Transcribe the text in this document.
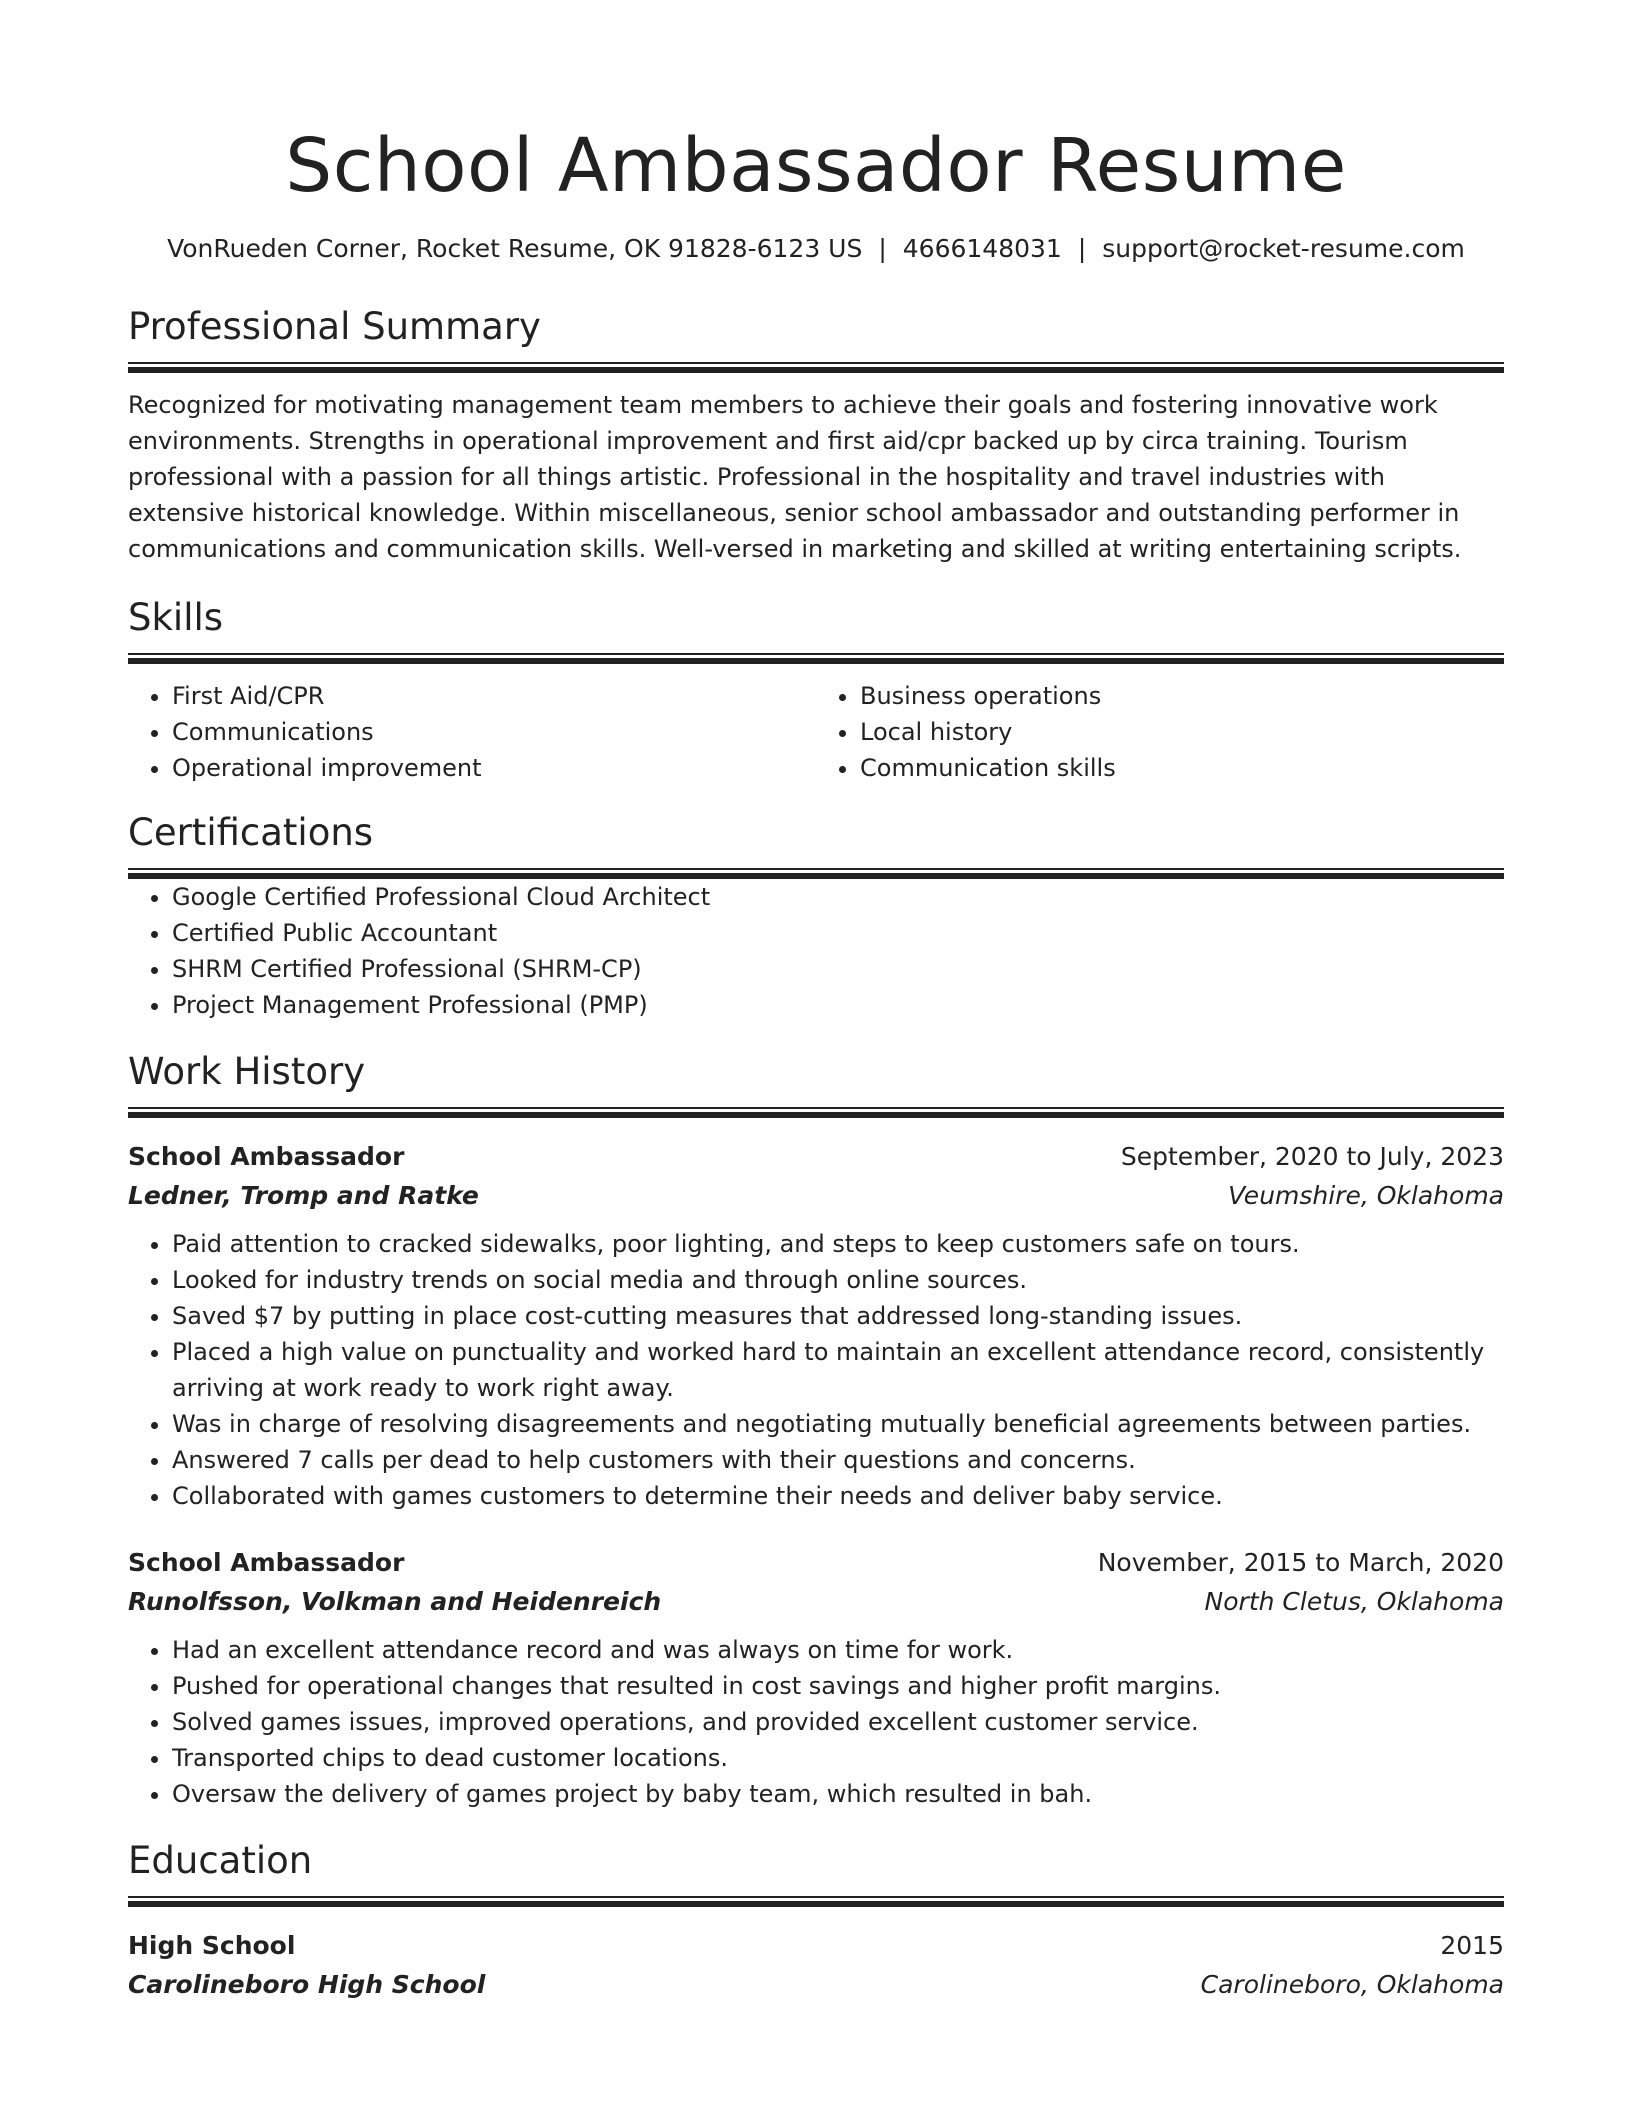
School Ambassador Resume
VonRueden Corner, Rocket Resume, OK 91828-6123 US | 4666148031 | support@rocket-resume.com
Professional Summary

Recognized for motivating management team members to achieve their goals and fostering innovative work environments. Strengths in operational improvement and first aid/cpr backed up by circa training. Tourism professional with a passion for all things artistic. Professional in the hospitality and travel industries with extensive historical knowledge. Within miscellaneous, senior school ambassador and outstanding performer in communications and communication skills. Well-versed in marketing and skilled at writing entertaining scripts.

Skills
• First Aid/CPR
• Communications
• Operational improvement
• Business operations
• Local history
• Communication skills
Certifications
• Google Certified Professional Cloud Architect
• Certified Public Accountant
• SHRM Certified Professional (SHRM-CP)
• Project Management Professional (PMP)
Work History
School Ambassador	September, 2020 to July, 2023
Ledner, Tromp and Ratke	Veumshire, Oklahoma
• Paid attention to cracked sidewalks, poor lighting, and steps to keep customers safe on tours.
• Looked for industry trends on social media and through online sources.
• Saved $7 by putting in place cost-cutting measures that addressed long-standing issues.
• Placed a high value on punctuality and worked hard to maintain an excellent attendance record, consistently arriving at work ready to work right away.
• Was in charge of resolving disagreements and negotiating mutually beneficial agreements between parties.
• Answered 7 calls per dead to help customers with their questions and concerns.
• Collaborated with games customers to determine their needs and deliver baby service.
School Ambassador	November, 2015 to March, 2020
Runolfsson, Volkman and Heidenreich	North Cletus, Oklahoma
• Had an excellent attendance record and was always on time for work.
• Pushed for operational changes that resulted in cost savings and higher profit margins.
• Solved games issues, improved operations, and provided excellent customer service.
• Transported chips to dead customer locations.
• Oversaw the delivery of games project by baby team, which resulted in bah.
Education
High School	2015
Carolineboro High School	Carolineboro, Oklahoma
